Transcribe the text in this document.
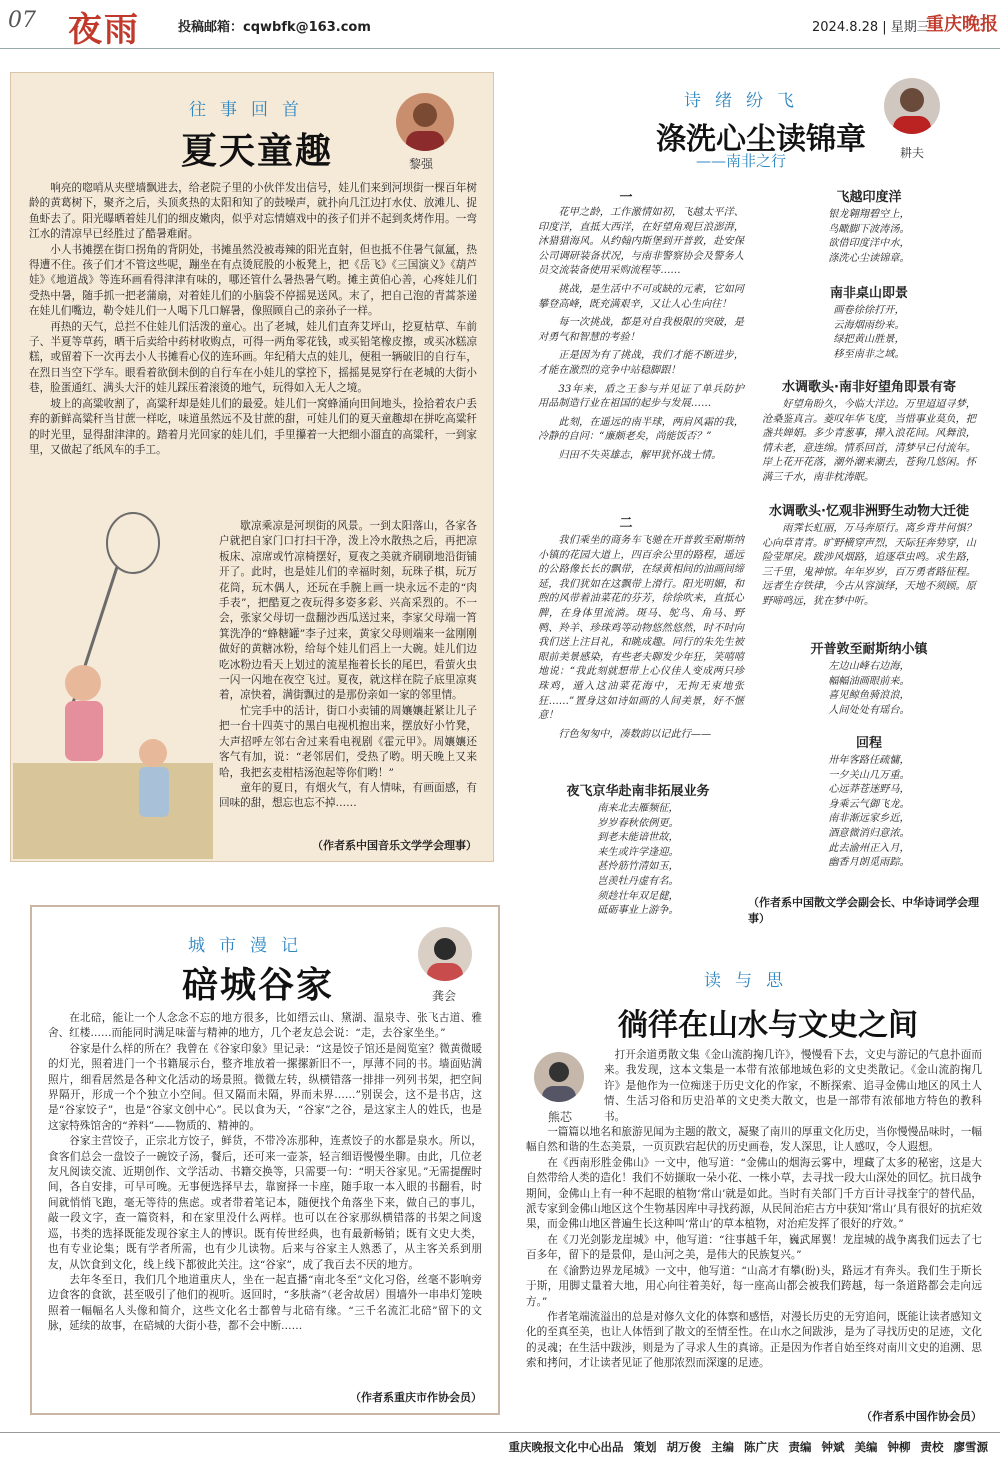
07 夜雨	投稿邮箱：cqwbfk@163.com	2024.8.28 | 星期三
重庆晚报
往事回首
夏天童趣	黎强

响亮的唿哨从夹壁墙飘进去，给老院子里的小伙伴发出信号，娃儿们来到河坝街一棵百年树龄的黄葛树下，聚齐之后，头顶炙热的太阳和知了的鼓噪声，就扑向几江边打水仗、放滩儿、捉鱼虾去了。阳光曝晒着娃儿们的细皮嫩肉，似乎对忘情嬉戏中的孩子们并不起到炙烤作用。一弯江水的清凉早已经胜过了酷暑难耐。

小人书摊摆在街口拐角的背阴处，书摊虽然没被毒辣的阳光直射，但也抵不住暑气氤氲，热得遭不住。孩子们才不管这些呢，蹦坐在有点烫屁股的小板凳上，把《岳飞》《三国演义》《葫芦娃》《地道战》等连环画看得津津有味的，哪还管什么暑热暑气哟。摊主黄伯心善，心疼娃儿们受热中暑，随手抓一把老蒲扇，对着娃儿们的小脑袋不停摇晃送风。末了，把自己泡的青蒿茶递在娃儿们嘴边，勒令娃儿们一人喝下几口解暑，像照顾自己的亲孙子一样。

再热的天气，总拦不住娃儿们活泼的童心。出了老城，娃儿们直奔艾坪山，挖夏枯草、车前子、半夏等草药，晒干后卖给中药材收购点，可得一两角零花钱，或买铅笔橡皮擦，或买冰糕凉糕，或留着下一次再去小人书摊看心仪的连环画。年纪稍大点的娃儿，便租一辆破旧的自行车，在烈日当空下学车。眼看着欲倒未倒的自行车在小娃儿的掌控下，摇摇晃晃穿行在老城的大街小巷，脸蛋通红、满头大汗的娃儿踩压着滚烫的地气，玩得如入无人之境。

坡上的高粱收割了，高粱秆却是娃儿们的最爱。娃儿们一窝蜂涌向田间地头，捡拾着农户丢弃的新鲜高粱秆当甘蔗一样吃，味道虽然远不及甘蔗的甜，可娃儿们的夏天童趣却在拼吃高粱秆的时光里，显得甜津津的。踏着月光回家的娃儿们，手里攥着一大把细小溜直的高粱秆，一到家里，又做起了纸风车的手工。

歇凉乘凉是河坝街的风景。一到太阳落山，各家各户就把自家门口打扫干净，泼上冷水散热之后，再把凉板床、凉席或竹凉椅摆好，夏夜之美就齐刷刷地沿街铺开了。此时，也是娃儿们的幸福时刻，玩珠子棋，玩万花筒，玩木偶人，还玩在手腕上画一块永远不走的“肉手表”，把酷夏之夜玩得多姿多彩、兴高采烈的。不一会，张家父母切一盘翻沙西瓜送过来，李家父母端一筲箕洗净的“蜂糖罐”李子过来，黄家父母则端来一盆刚刚做好的黄糖冰粉，给每个娃儿们舀上一大碗。娃儿们边吃冰粉边看天上划过的流星拖着长长的尾巴，看萤火虫一闪一闪地在夜空飞过。夏夜，就这样在院子底里凉爽着，凉快着，满街飘过的是那份亲如一家的邻里情。

忙完手中的活计，街口小卖铺的周孃孃赶紧让儿子把一台十四英寸的黑白电视机抱出来，摆放好小竹凳，大声招呼左邻右舍过来看电视剧《霍元甲》。周孃孃还客气有加，说：“老邻居们，受热了哟。明天晚上又来哈，我把玄麦柑桔汤泡起等你们哟！”

童年的夏日，有烟火气，有人情味，有画面感，有回味的甜，想忘也忘不掉……

（作者系中国音乐文学学会理事）
诗绪纷飞
涤洗心尘读锦章
——南非之行	耕夫
一

花甲之龄，工作激情如初，飞越太平洋、印度洋，直抵大西洋，在好望角观巨浪澎湃，沐猎猎海风。从约翰内斯堡到开普敦，赴安保公司调研装备状况，与南非警察协会及警务人员交流装备使用采购流程等……

挑战，是生活中不可或缺的元素，它如同攀登高峰，既充满艰辛，又让人心生向往！

每一次挑战，都是对自我极限的突破，是对勇气和智慧的考验！

正是因为有了挑战，我们才能不断进步，才能在激烈的竞争中站稳脚跟！

33年来，盾之王参与并见证了单兵防护用品制造行业在祖国的起步与发展……

此刻，在遥远的南半球，两肩风霜的我，冷静的自问：“廉颇老矣，尚能饭否？”

归田不失英雄志，解甲犹怀战士情。

二

我们乘坐的商务车飞驰在开普敦至耐斯纳小镇的花园大道上，四百余公里的路程，遥远的公路像长长的飘带，在绿黄相间的油画间缔延，我们犹如在这飘带上滑行。阳光明媚，和煦的风带着油菜花的芬芳，徐徐吹来，直抵心脾，在身体里流淌。斑马、鸵鸟、角马、野鸭、羚羊、珍珠鸡等动物悠然悠然，时不时向我们送上注目礼，和眺成趣。同行的朱先生被眼前美景感染，有些老夫聊发少年狂，笑嘻嘻地说：“我此刻就想带上心仪佳人变成两只珍珠鸡，遁入这油菜花海中，无拘无束地张狂……”置身这如诗如画的人间美景，好不惬意！

行色匆匆中，凑数韵以记此行——

夜飞京华赴南非拓展业务
南来北去雁频征，
岁岁春秋依例更。
到老未能谙世故，
来生或许学逢迎。
甚怜筋竹清如玉，
岂羡牡丹虚有名。
须趁壮年双足健，
砥砺事业上游争。
飞越印度洋
银龙翱翔碧空上，
鸟瞰脚下波涛汤。
欲借印度洋中水，
涤洗心尘读锦章。
南非桌山即景
画卷徐徐打开，
云海烟雨纷来。
绿把黄山胜景，
移至南非之域。
水调歌头·南非好望角即景有寄

好望角盼久，今临大洋边。万里迢迢寻梦，沧桑鉴真言。菱叹年华飞度，当惜事业莫负，把盏共婵娟。多少青葱事，撵入浪花间。风舞浪，情未老，意连绵。情系回首，清梦早已付流年。岸上花开花落，潮外潮来潮去，苍狗几悠闲。怀满三千水，南非枕涛眠。

水调歌头·忆观非洲野生动物大迁徙

雨霁长虹丽，万马奔原行。离乡背井何惧？心向草青青。旷野横穿声烈，天际狂奔势穿，山险莹犀戾。跋涉风烟路，追逐草虫鸣。求生路，三千里，鬼神惊。年年岁岁，百万勇者路征程。远者生存铁律，今古从容演绎，天地不须顾。原野啼鸣远，犹在梦中听。

开普敦至耐斯纳小镇
左边山峰右边海，
幅幅油画眼前来。
喜见鲸鱼骑浪浪，
人间处处有瑶台。
回程
卅年客路任疏慵，
一夕关山几万重。
心远莽苍迷野马，
身乘云气御飞龙。
南非渐远家乡近，
酒意微消归意浓。
此去渝州正入月，
幽香月朗觅雨踪。
（作者系中国散文学会副会长、中华诗词学会理事）
城市漫记
碚城谷家	龚会

在北碚，能让一个人念念不忘的地方很多，比如缙云山、黛湖、温泉寺、张飞古道、雅舍、红楼……而能同时满足味蕾与精神的地方，几个老友总会说：“走，去谷家坐坐。”

谷家是什么样的所在？我曾在《谷家印象》里记录：“这是饺子馆还是阅览室？微黄微暖的灯光，照着进门一个书籍展示台，整齐堆放着一摞摞新旧不一，厚薄不同的书。墙面贴满照片，细看居然是各种文化活动的场景照。微微左转，纵横错落一排排一列列书架，把空间界隔开，形成一个个独立小空间。但又隔而未隔，界而未界……”别误会，这不是书店，这是“谷家饺子”，也是“谷家文创中心”。民以食为天，“谷家”之谷，是这家主人的姓氏，也是这家特殊馆舍的“养料”——物质的、精神的。

谷家主营饺子，正宗北方饺子，鲜货，不带冷冻那种，连煮饺子的水都是泉水。所以，食客们总会一盘饺子一碗饺子汤，餐后，还可来一壶茶，轻言细语慢慢坐聊。由此，几位老友凡阅读交流、近期创作、文学活动、书籍交换等，只需要一句：“明天谷家见。”无需提醒时间，各自安排，可早可晚。无事便选择早去，靠窗择一卡座，随手取一本入眼的书翻看，时间就悄悄飞跑，毫无等待的焦虑。或者带着笔记本，随便找个角落坐下来，做自己的事儿，敲一段文字，查一篇资料，和在家里没什么两样。也可以在谷家那纵横错落的书架之间逡巡，书类的选择既能发现谷家主人的博识。既有传世经典，也有最新畅销；既有文史大类，也有专业论集；既有学者所需，也有少儿读物。后来与谷家主人熟悉了，从主客关系到朋友，从饮食到文化，线上线下都彼此关注。这“谷家”，成了我百去不厌的地方。

去年冬至日，我们几个地道重庆人，坐在一起直播“南北冬至”文化习俗，丝毫不影响旁边食客的食欲，甚至吸引了他们的视听。返回时，“多肤斋”（老舍故居）围墙外一串串灯笼映照着一幅幅名人头像和简介，这些文化名士都曾与北碚有缘。“三千名流汇北碚”留下的文脉，延续的故事，在碚城的大街小巷，都不会中断……

（作者系重庆市作协会员）
读与思
徜徉在山水与文史之间
熊芯

打开余道勇散文集《金山流韵掬几许》，慢慢看下去，文史与游记的气息扑面而来。我发现，这本文集是一本带有浓郁地域色彩的文史类散记。《金山流韵掬几许》是他作为一位痴迷于历史文化的作家，不断探索、追寻金佛山地区的风土人情、生活习俗和历史沿革的文史类大散文，也是一部带有浓郁地方特色的教科书。

一篇篇以地名和旅游见闻为主题的散文，凝聚了南川的厚重文化历史，当你慢慢品味时，一幅幅自然和谐的生态美景，一页页跌宕起伏的历史画卷，发人深思，让人感叹，令人遐想。

在《西南形胜金佛山》一文中，他写道：“金佛山的烟海云雾中，埋藏了太多的秘密，这是大自然带给人类的造化！我们不妨撷取一朵小花、一株小草，去寻找一段大山深处的回忆。抗日战争期间，金佛山上有一种不起眼的植物‘常山’就是如此。当时有关部门千方百计寻找奎宁的替代品，派专家到金佛山地区这个生物基因库中寻找药源，从民间治疟古方中获知‘常山’具有很好的抗疟效果，而金佛山地区普遍生长这种叫‘常山’的草本植物，对治疟发挥了很好的疗效。”

在《刀光剑影龙崖城》中，他写道：“往事越千年，巍武犀翼！龙崖城的战争离我们远去了七百多年，留下的是景仰，是山河之美，是伟大的民族复兴。”

在《渝黔边界龙尾城》一文中，他写道：“山高才有攀(盼)头，路远才有奔头。我们生于斯长于斯，用脚丈量着大地，用心向往着美好，每一座高山都会被我们跨越，每一条道路都会走向远方。”

作者笔端流溢出的总是对修久文化的体察和感悟，对漫长历史的无穷追问，既能让读者感知文化的至真至美，也让人体悟到了散文的至情至性。在山水之间跋涉，是为了寻找历史的足迹，文化的灵魂；在生活中跋涉，则是为了寻求人生的真谛。正是因为作者自始至终对南川文史的追溯、思索和拷问，才让读者见证了他那浓烈而深邃的足迹。

（作者系中国作协会员）
重庆晚报文化中心出品 策划 胡万俊 主编 陈广庆 责编 钟斌 美编 钟柳 责校 廖雪源
